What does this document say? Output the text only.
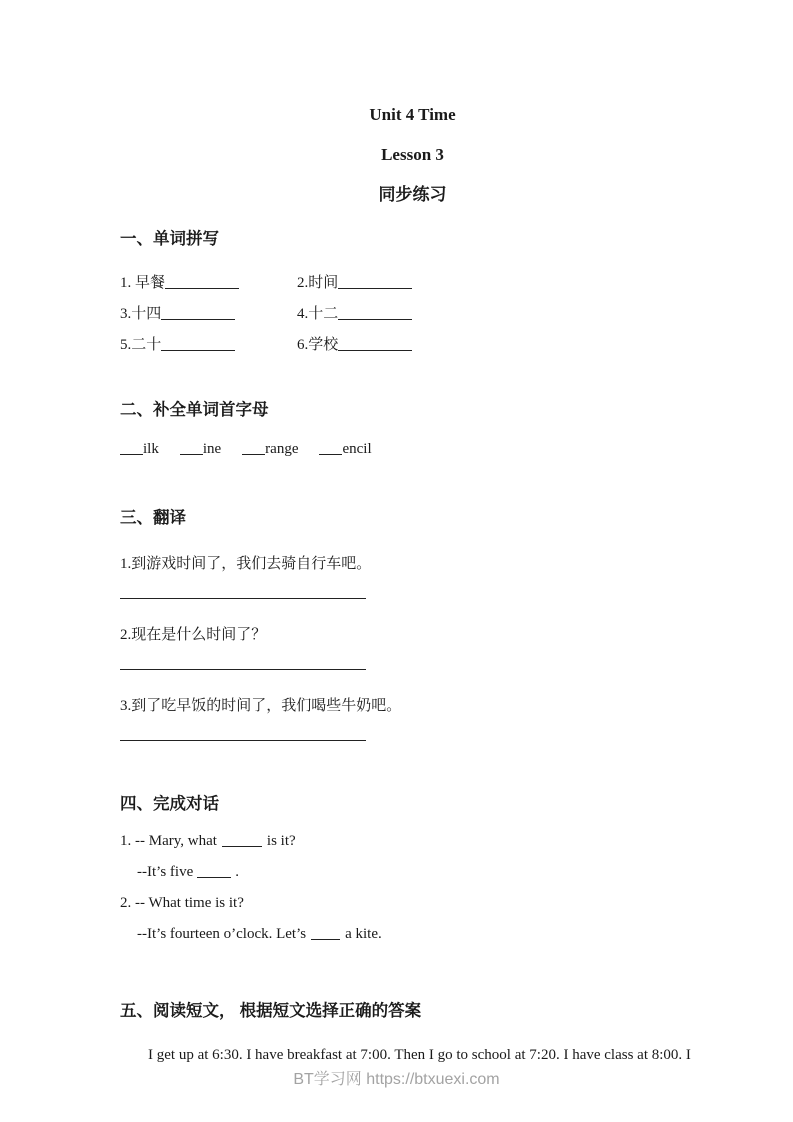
Unit 4 Time
Lesson 3
同步练习
一、单词拼写
1. 早餐	2.时间
3.十四	4.十二
5.二十	6.学校
二、补全单词首字母
ilk	ine	range	encil
三、翻译
1.到游戏时间了，我们去骑自行车吧。
2.现在是什么时间了？
3.到了吃早饭的时间了，我们喝些牛奶吧。
四、完成对话
1. -- Mary, what	is it?
--It’s five	.
2. -- What time is it?
--It’s fourteen o’clock. Let’s	a kite.
五、阅读短文， 根据短文选择正确的答案
I get up at 6:30. I have breakfast at 7:00. Then I go to school at 7:20. I have class at 8:00. I
BT学习网 https://btxuexi.com
